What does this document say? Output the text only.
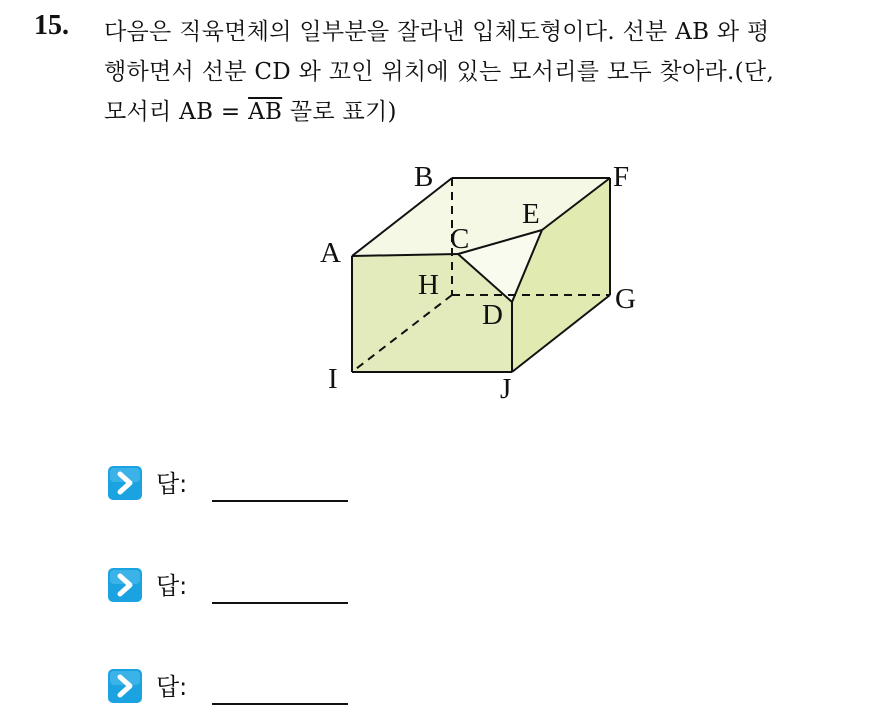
15. 다음은 직육면체의 일부분을 잘라낸 입체도형이다. 선분 AB 와 평
행하면서 선분 CD 와 꼬인 위치에 있는 모서리를 모두 찾아라.(단,
모서리 AB = $\overline{AB}$ 꼴로 표기)
B	F
E
A	C
H
D	G
I	J
답:
답:
답:
